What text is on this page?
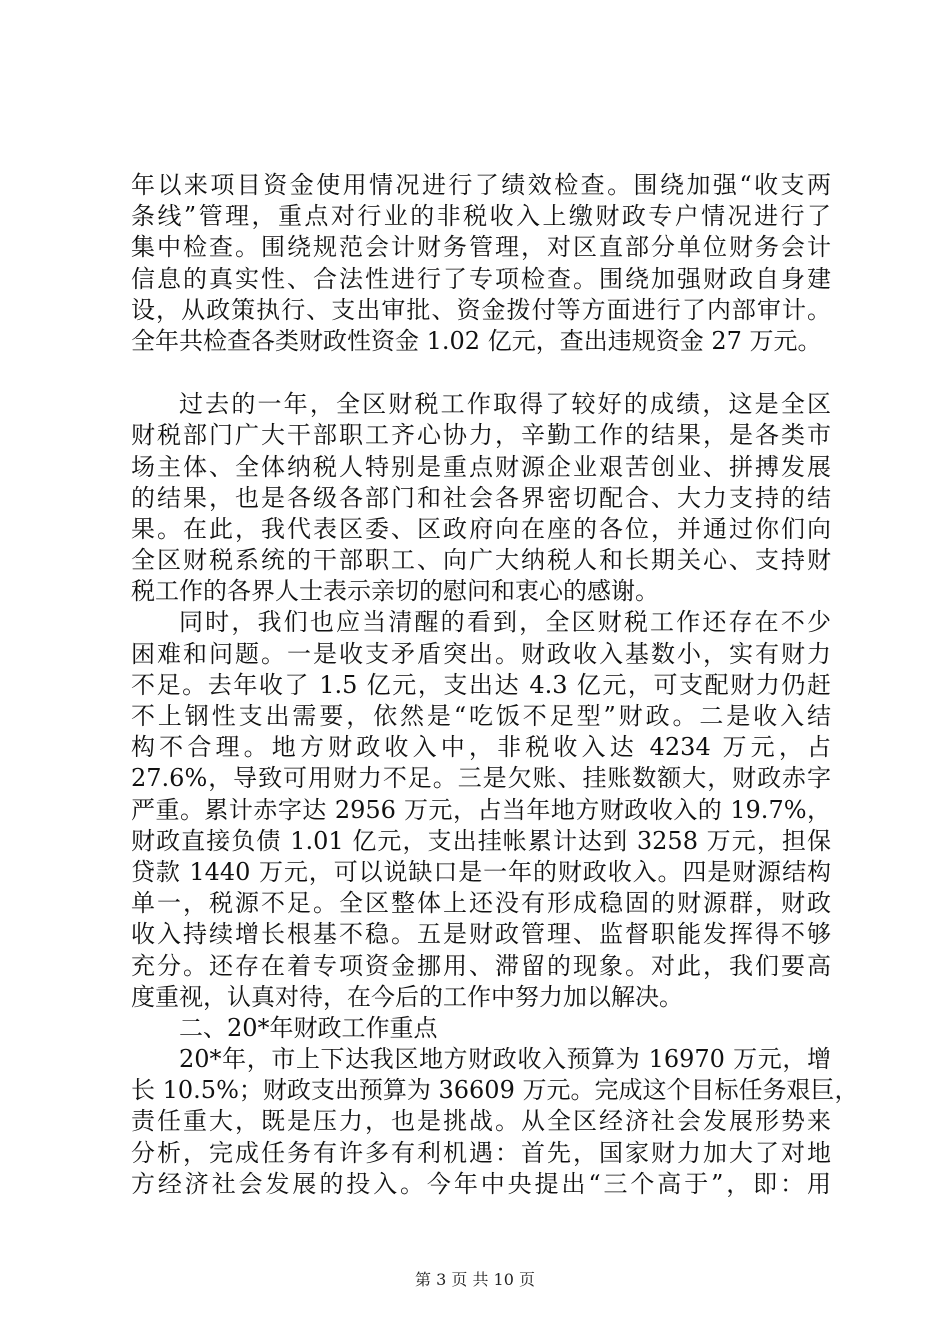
年以来项目资金使用情况进行了绩效检查。围绕加强“收支两
条线”管理，重点对行业的非税收入上缴财政专户情况进行了
集中检查。围绕规范会计财务管理，对区直部分单位财务会计
信息的真实性、合法性进行了专项检查。围绕加强财政自身建
设，从政策执行、支出审批、资金拨付等方面进行了内部审计。
全年共检查各类财政性资金 1.02 亿元，查出违规资金 27 万元。
过去的一年，全区财税工作取得了较好的成绩，这是全区
财税部门广大干部职工齐心协力，辛勤工作的结果，是各类市
场主体、全体纳税人特别是重点财源企业艰苦创业、拼搏发展
的结果，也是各级各部门和社会各界密切配合、大力支持的结
果。在此，我代表区委、区政府向在座的各位，并通过你们向
全区财税系统的干部职工、向广大纳税人和长期关心、支持财
税工作的各界人士表示亲切的慰问和衷心的感谢。
同时，我们也应当清醒的看到，全区财税工作还存在不少
困难和问题。一是收支矛盾突出。财政收入基数小，实有财力
不足。去年收了 1.5 亿元，支出达 4.3 亿元，可支配财力仍赶
不上钢性支出需要，依然是“吃饭不足型”财政。二是收入结
构不合理。地方财政收入中，非税收入达 4234 万元，占
27.6%，导致可用财力不足。三是欠账、挂账数额大，财政赤字
严重。累计赤字达 2956 万元，占当年地方财政收入的 19.7%，
财政直接负债 1.01 亿元，支出挂帐累计达到 3258 万元，担保
贷款 1440 万元，可以说缺口是一年的财政收入。四是财源结构
单一，税源不足。全区整体上还没有形成稳固的财源群，财政
收入持续增长根基不稳。五是财政管理、监督职能发挥得不够
充分。还存在着专项资金挪用、滞留的现象。对此，我们要高
度重视，认真对待，在今后的工作中努力加以解决。
二、20*年财政工作重点
20*年，市上下达我区地方财政收入预算为 16970 万元，增
长 10.5%；财政支出预算为 36609 万元。完成这个目标任务艰巨，
责任重大，既是压力，也是挑战。从全区经济社会发展形势来
分析，完成任务有许多有利机遇：首先，国家财力加大了对地
方经济社会发展的投入。今年中央提出“三个高于”，即：用
第 3 页 共 10 页
